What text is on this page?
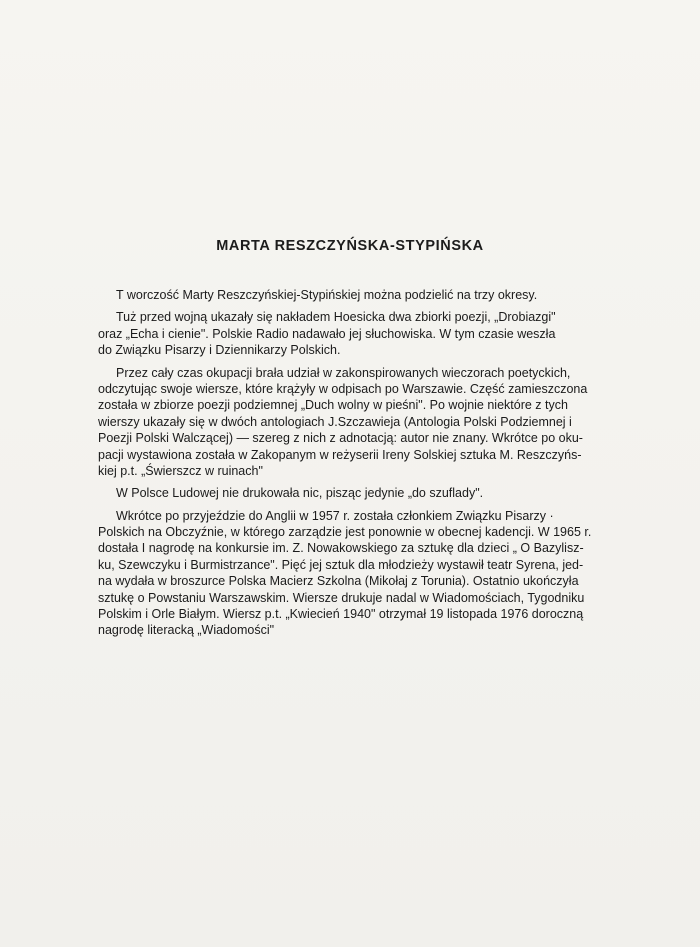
MARTA RESZCZYŃSKA-STYPIŃSKA
T worczość Marty Reszczyńskiej-Stypińskiej można podzielić na trzy okresy.
Tuż przed wojną ukazały się nakładem Hoesicka dwa zbiorki poezji, „Drobiazgi"
oraz „Echa i cienie". Polskie Radio nadawało jej słuchowiska. W tym czasie weszła
do Związku Pisarzy i Dziennikarzy Polskich.
Przez cały czas okupacji brała udział w zakonspirowanych wieczorach poetyckich,
odczytując swoje wiersze, które krążyły w odpisach po Warszawie. Część zamieszczona
została w zbiorze poezji podziemnej „Duch wolny w pieśni". Po wojnie niektóre z tych
wierszy ukazały się w dwóch antologiach J.Szczawieja (Antologia Polski Podziemnej i
Poezji Polski Walczącej) — szereg z nich z adnotacją: autor nie znany. Wkrótce po oku-
pacji wystawiona została w Zakopanym w reżyserii Ireny Solskiej sztuka M. Reszczyńs-
kiej p.t. „Świerszcz w ruinach"
W Polsce Ludowej nie drukowała nic, pisząc jedynie „do szuflady".
Wkrótce po przyjeździe do Anglii w 1957 r. została członkiem Związku Pisarzy ·
Polskich na Obczyźnie, w którego zarządzie jest ponownie w obecnej kadencji. W 1965 r.
dostała I nagrodę na konkursie im. Z. Nowakowskiego za sztukę dla dzieci „ O Bazylisz-
ku, Szewczyku i Burmistrzance". Pięć jej sztuk dla młodzieży wystawił teatr Syrena, jed-
na wydała w broszurce Polska Macierz Szkolna (Mikołaj z Torunia). Ostatnio ukończyła
sztukę o Powstaniu Warszawskim. Wiersze drukuje nadal w Wiadomościach, Tygodniku
Polskim i Orle Białym. Wiersz p.t. „Kwiecień 1940" otrzymał 19 listopada 1976 doroczną
nagrodę literacką „Wiadomości"
